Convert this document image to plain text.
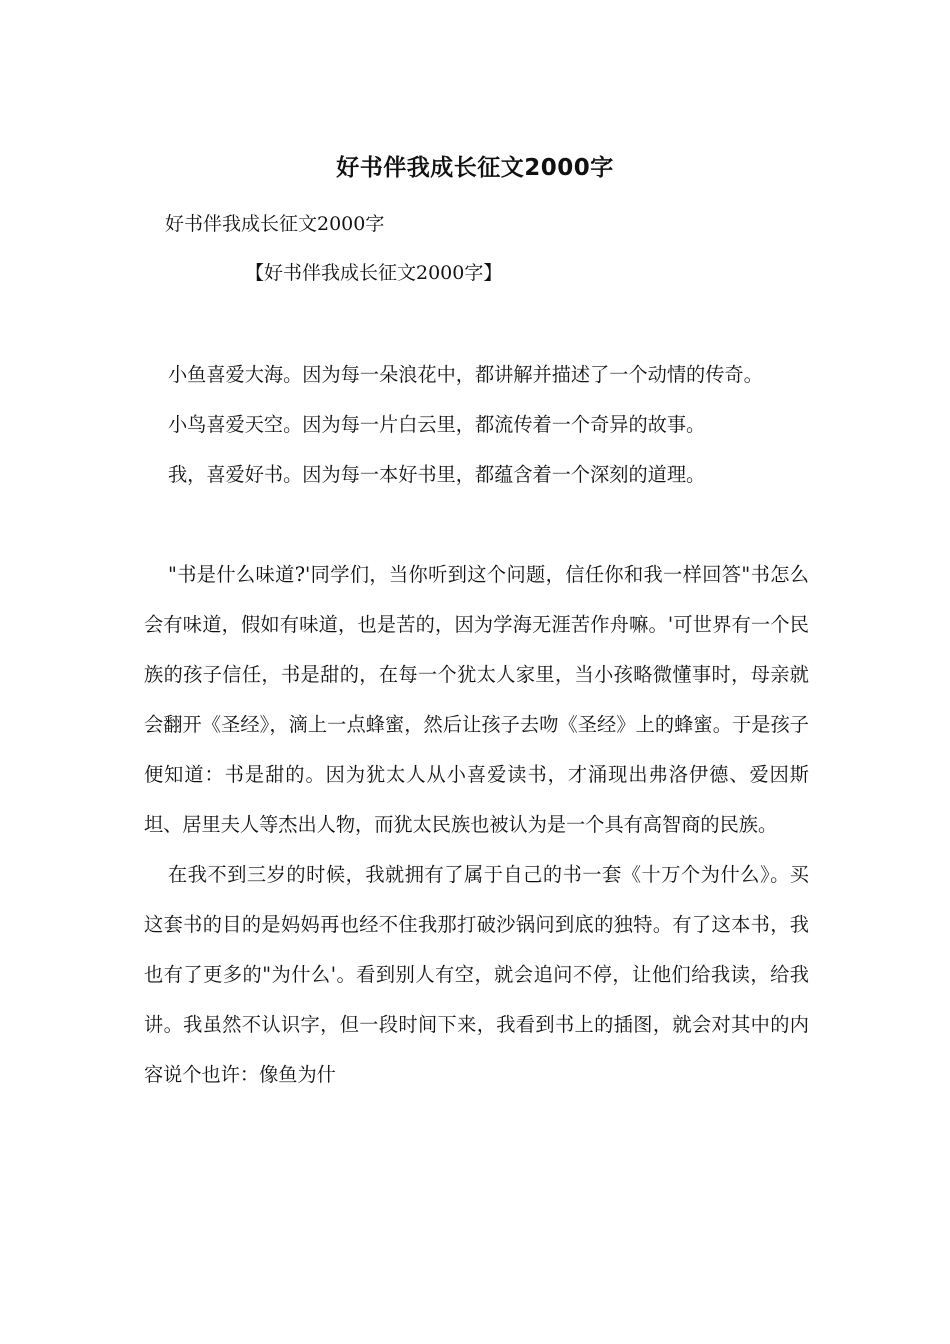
好书伴我成长征文2000字
好书伴我成长征文2000字
【好书伴我成长征文2000字】

小鱼喜爱大海。因为每一朵浪花中，都讲解并描述了一个动情的传奇。

小鸟喜爱天空。因为每一片白云里，都流传着一个奇异的故事。

我，喜爱好书。因为每一本好书里，都蕴含着一个深刻的道理。

"书是什么味道?'同学们，当你听到这个问题，信任你和我一样回答"书怎么会有味道，假如有味道，也是苦的，因为学海无涯苦作舟嘛。'可世界有一个民族的孩子信任，书是甜的，在每一个犹太人家里，当小孩略微懂事时，母亲就会翻开《圣经》，滴上一点蜂蜜，然后让孩子去吻《圣经》上的蜂蜜。于是孩子便知道：书是甜的。因为犹太人从小喜爱读书，才涌现出弗洛伊德、爱因斯坦、居里夫人等杰出人物，而犹太民族也被认为是一个具有高智商的民族。

在我不到三岁的时候，我就拥有了属于自己的书一套《十万个为什么》。买这套书的目的是妈妈再也经不住我那打破沙锅问到底的独特。有了这本书，我也有了更多的"为什么'。看到别人有空，就会追问不停，让他们给我读，给我讲。我虽然不认识字，但一段时间下来，我看到书上的插图，就会对其中的内容说个也许：像鱼为什
